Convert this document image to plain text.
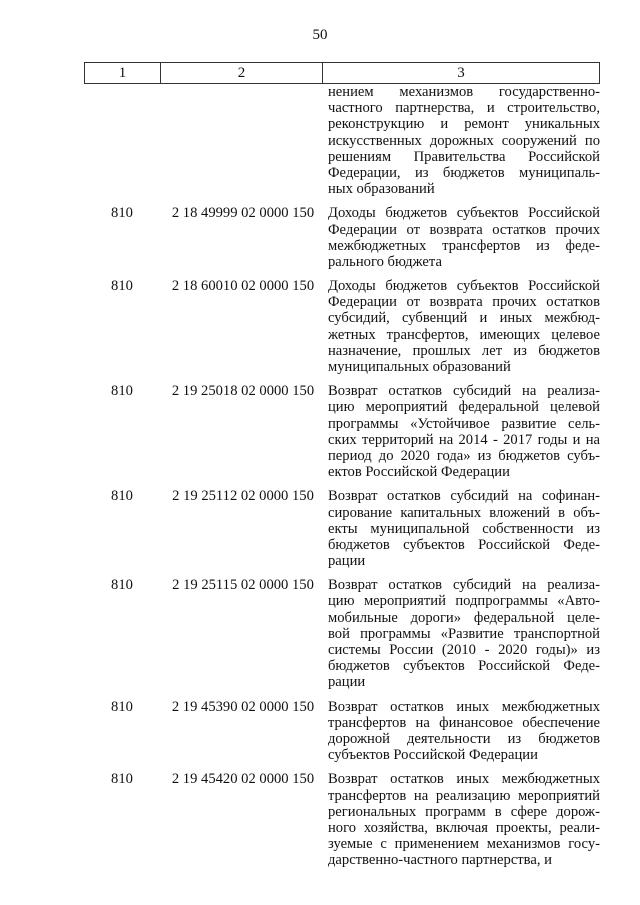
50
1	2	3
нением механизмов государственно-
частного партнерства, и строительство,
реконструкцию и ремонт уникальных
искусственных дорожных сооружений по
решениям Правительства Российской
Федерации, из бюджетов муниципаль-
ных образований
810	2 18 49999 02 0000 150 Доходы бюджетов субъектов Российской
Федерации от возврата остатков прочих
межбюджетных трансфертов из феде-
рального бюджета
810	2 18 60010 02 0000 150 Доходы бюджетов субъектов Российской
Федерации от возврата прочих остатков
субсидий, субвенций и иных межбюд-
жетных трансфертов, имеющих целевое
назначение, прошлых лет из бюджетов
муниципальных образований
810	2 19 25018 02 0000 150 Возврат остатков субсидий на реализа-
цию мероприятий федеральной целевой
программы «Устойчивое развитие сель-
ских территорий на 2014 - 2017 годы и на
период до 2020 года» из бюджетов субъ-
ектов Российской Федерации
810	2 19 25112 02 0000 150 Возврат остатков субсидий на софинан-
сирование капитальных вложений в объ-
екты муниципальной собственности из
бюджетов субъектов Российской Феде-
рации
810	2 19 25115 02 0000 150 Возврат остатков субсидий на реализа-
цию мероприятий подпрограммы «Авто-
мобильные дороги» федеральной целе-
вой программы «Развитие транспортной
системы России (2010 - 2020 годы)» из
бюджетов субъектов Российской Феде-
рации
810	2 19 45390 02 0000 150 Возврат остатков иных межбюджетных
трансфертов на финансовое обеспечение
дорожной деятельности из бюджетов
субъектов Российской Федерации
810	2 19 45420 02 0000 150 Возврат остатков иных межбюджетных
трансфертов на реализацию мероприятий
региональных программ в сфере дорож-
ного хозяйства, включая проекты, реали-
зуемые с применением механизмов госу-
дарственно-частного партнерства, и
